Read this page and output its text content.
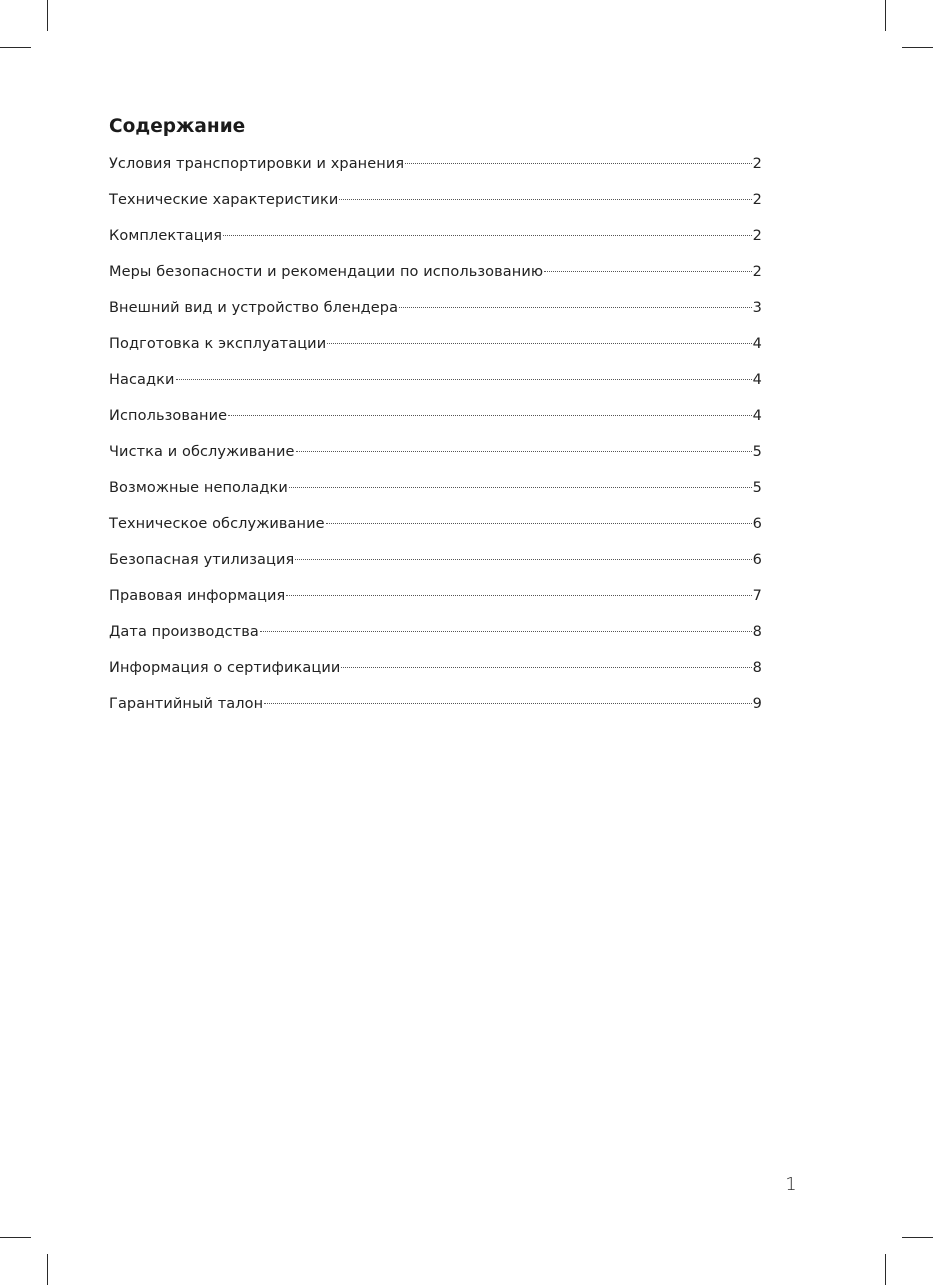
Содержание
Условия транспортировки и хранения	2
Технические характеристики	2
Комплектация	2
Меры безопасности и рекомендации по использованию	2
Внешний вид и устройство блендера	3
Подготовка к эксплуатации	4
Насадки	4
Использование	4
Чистка и обслуживание	5
Возможные неполадки	5
Техническое обслуживание	6
Безопасная утилизация	6
Правовая информация	7
Дата производства	8
Информация о сертификации	8
Гарантийный талон	9
1
